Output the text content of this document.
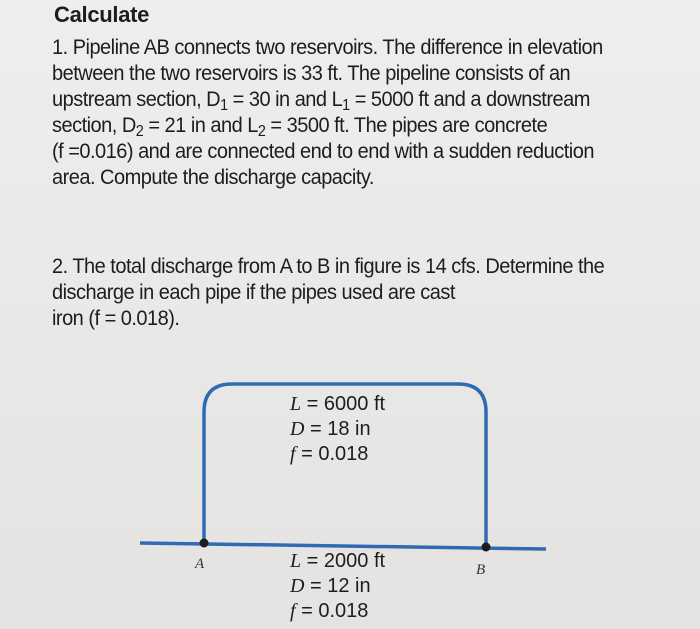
Calculate
1. Pipeline AB connects two reservoirs. The difference in elevation
between the two reservoirs is 33 ft. The pipeline consists of an
upstream section, $D_1 = 30$ in and $L_1 = 5000$ ft and a downstream
section, $D_2 = 21$ in and $L_2 = 3500$ ft. The pipes are concrete
(f =0.016) and are connected end to end with a sudden reduction
area. Compute the discharge capacity.
2. The total discharge from A to B in figure is 14 cfs. Determine the
discharge in each pipe if the pipes used are cast
iron (f = 0.018).
L = 6000 ft
D = 18 in
f = 0.018
L = 2000 ft
D = 12 in
f = 0.018
A	B
